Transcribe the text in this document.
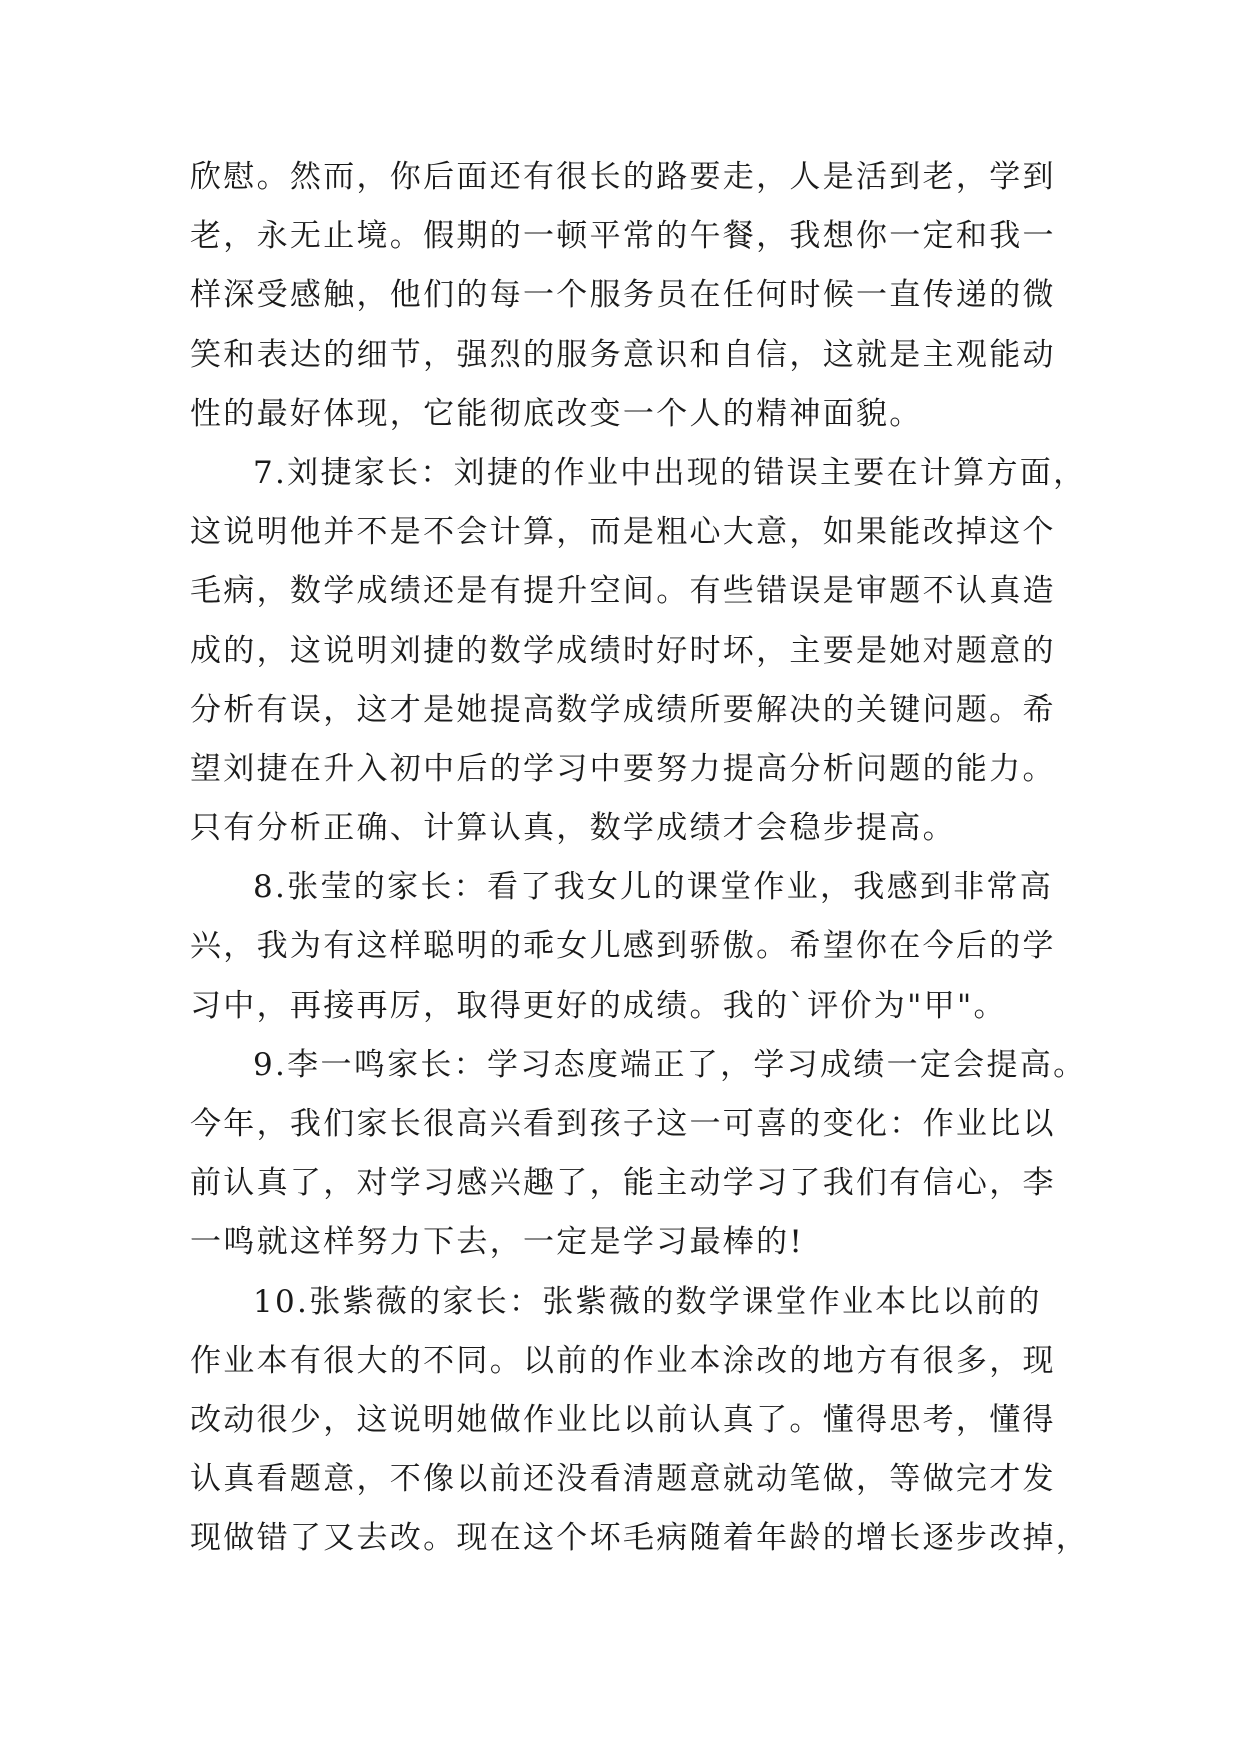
欣慰。然而，你后面还有很长的路要走，人是活到老，学到
老，永无止境。假期的一顿平常的午餐，我想你一定和我一
样深受感触，他们的每一个服务员在任何时候一直传递的微
笑和表达的细节，强烈的服务意识和自信，这就是主观能动
性的最好体现，它能彻底改变一个人的精神面貌。
7.刘捷家长：刘捷的作业中出现的错误主要在计算方面，
这说明他并不是不会计算，而是粗心大意，如果能改掉这个
毛病，数学成绩还是有提升空间。有些错误是审题不认真造
成的，这说明刘捷的数学成绩时好时坏，主要是她对题意的
分析有误，这才是她提高数学成绩所要解决的关键问题。希
望刘捷在升入初中后的学习中要努力提高分析问题的能力。
只有分析正确、计算认真，数学成绩才会稳步提高。
8.张莹的家长：看了我女儿的课堂作业，我感到非常高
兴，我为有这样聪明的乖女儿感到骄傲。希望你在今后的学
习中，再接再厉，取得更好的成绩。我的`评价为"甲"。
9.李一鸣家长：学习态度端正了，学习成绩一定会提高。
今年，我们家长很高兴看到孩子这一可喜的变化：作业比以
前认真了，对学习感兴趣了，能主动学习了我们有信心，李
一鸣就这样努力下去，一定是学习最棒的!
10.张紫薇的家长：张紫薇的数学课堂作业本比以前的
作业本有很大的不同。以前的作业本涂改的地方有很多，现
改动很少，这说明她做作业比以前认真了。懂得思考，懂得
认真看题意，不像以前还没看清题意就动笔做，等做完才发
现做错了又去改。现在这个坏毛病随着年龄的增长逐步改掉，
